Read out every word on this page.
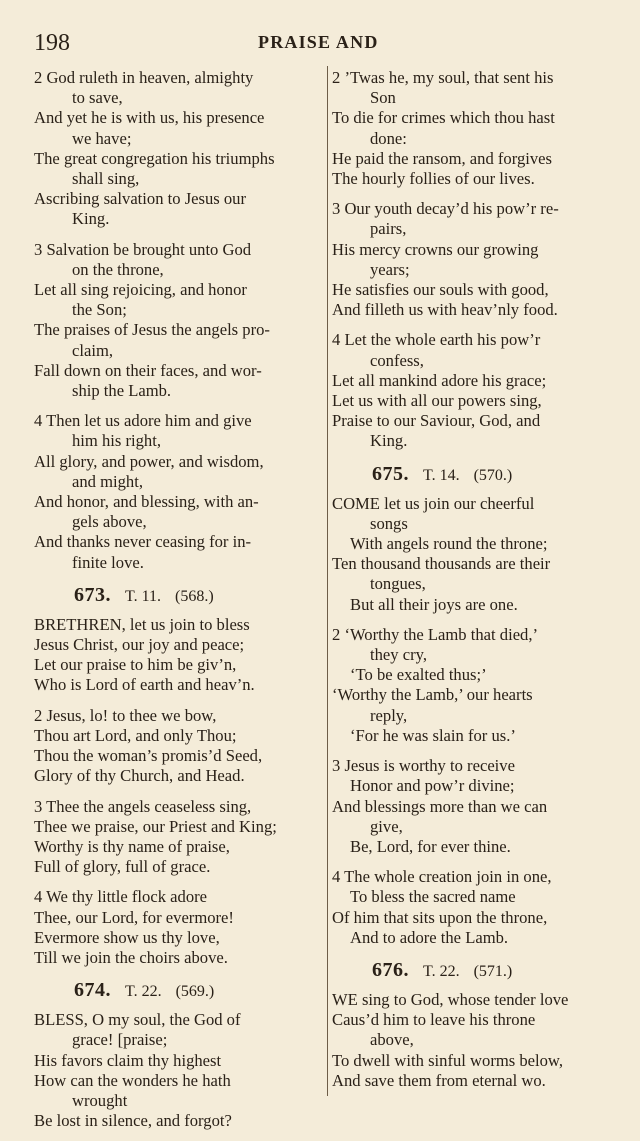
198	PRAISE AND
2 God ruleth in heaven, almighty
to save,
And yet he is with us, his presence
we have;
The great congregation his triumphs
shall sing,
Ascribing salvation to Jesus our
King.
3 Salvation be brought unto God
on the throne,
Let all sing rejoicing, and honor
the Son;
The praises of Jesus the angels pro-
claim,
Fall down on their faces, and wor-
ship the Lamb.
4 Then let us adore him and give
him his right,
All glory, and power, and wisdom,
and might,
And honor, and blessing, with an-
gels above,
And thanks never ceasing for in-
finite love.
673. T. 11. (568.)
BRETHREN, let us join to bless
Jesus Christ, our joy and peace;
Let our praise to him be giv’n,
Who is Lord of earth and heav’n.
2 Jesus, lo! to thee we bow,
Thou art Lord, and only Thou;
Thou the woman’s promis’d Seed,
Glory of thy Church, and Head.
3 Thee the angels ceaseless sing,
Thee we praise, our Priest and King;
Worthy is thy name of praise,
Full of glory, full of grace.
4 We thy little flock adore
Thee, our Lord, for evermore!
Evermore show us thy love,
Till we join the choirs above.
674. T. 22. (569.)
BLESS, O my soul, the God of
grace! [praise;
His favors claim thy highest
How can the wonders he hath
wrought
Be lost in silence, and forgot?
2 ’Twas he, my soul, that sent his
Son
To die for crimes which thou hast
done:
He paid the ransom, and forgives
The hourly follies of our lives.
3 Our youth decay’d his pow’r re-
pairs,
His mercy crowns our growing
years;
He satisfies our souls with good,
And filleth us with heav’nly food.
4 Let the whole earth his pow’r
confess,
Let all mankind adore his grace;
Let us with all our powers sing,
Praise to our Saviour, God, and
King.
675. T. 14. (570.)
COME let us join our cheerful
songs
With angels round the throne;
Ten thousand thousands are their
tongues,
But all their joys are one.
2 ‘Worthy the Lamb that died,’
they cry,
‘To be exalted thus;’
‘Worthy the Lamb,’ our hearts
reply,
‘For he was slain for us.’
3 Jesus is worthy to receive
Honor and pow’r divine;
And blessings more than we can
give,
Be, Lord, for ever thine.
4 The whole creation join in one,
To bless the sacred name
Of him that sits upon the throne,
And to adore the Lamb.
676. T. 22. (571.)
WE sing to God, whose tender love
Caus’d him to leave his throne
above,
To dwell with sinful worms below,
And save them from eternal wo.
